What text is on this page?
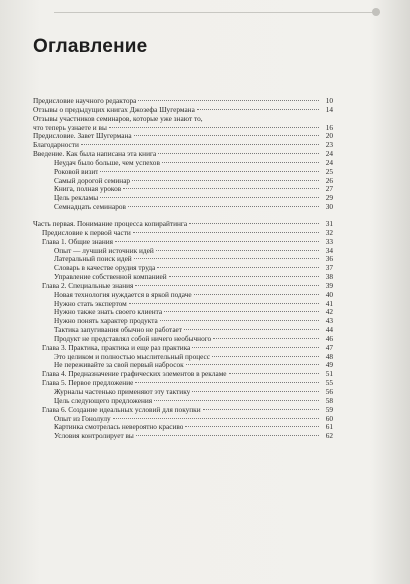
Оглавление
Предисловие научного редактора	10
Отзывы о предыдущих книгах Джозефа Шугермана	14
Отзывы участников семинаров, которые уже знают то,
что теперь узнаете и вы	16
Предисловие. Завет Шугермана	20
Благодарности	23
Введение. Как была написана эта книга	24
Неудач было больше, чем успехов	24
Роковой визит	25
Самый дорогой семинар	26
Книга, полная уроков	27
Цель рекламы	29
Семнадцать семинаров	30
Часть первая. Понимание процесса копирайтинга	31
Предисловие к первой части	32
Глава 1. Общие знания	33
Опыт — лучший источник идей	34
Латеральный поиск идей	36
Словарь в качестве орудия труда	37
Управление собственной компанией	38
Глава 2. Специальные знания	39
Новая технология нуждается в яркой подаче	40
Нужно стать экспертом	41
Нужно также знать своего клиента	42
Нужно понять характер продукта	43
Тактика запугивания обычно не работает	44
Продукт не представлял собой ничего необычного	46
Глава 3. Практика, практика и еще раз практика	47
Это целиком и полностью мыслительный процесс	48
Не переживайте за свой первый набросок	49
Глава 4. Предназначение графических элементов в рекламе	51
Глава 5. Первое предложение	55
Журналы частенько применяют эту тактику	56
Цель следующего предложения	58
Глава 6. Создание идеальных условий для покупки	59
Опыт из Гонолулу	60
Картинка смотрелась невероятно красиво	61
Условия контролирует вы	62
